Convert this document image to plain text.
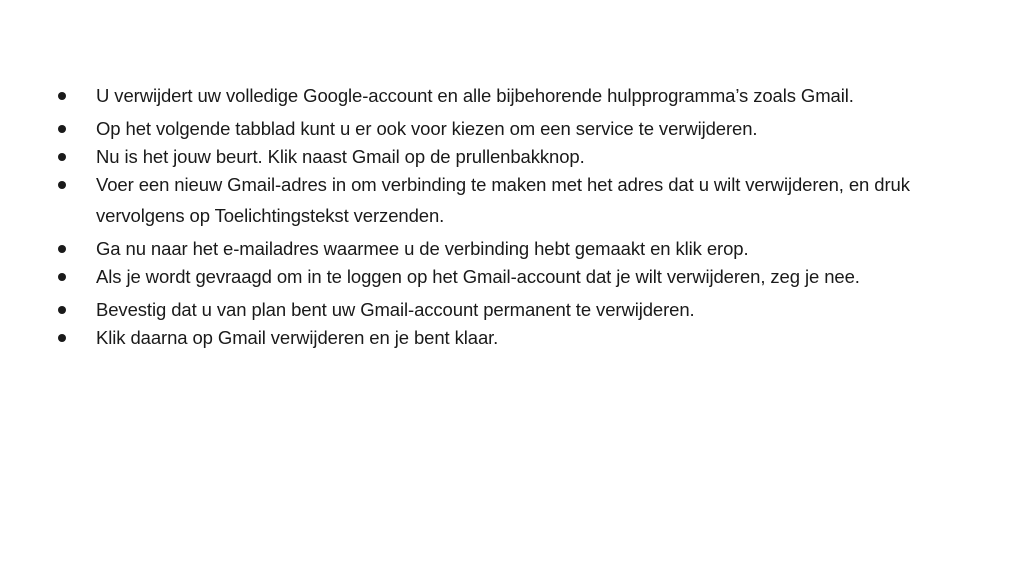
U verwijdert uw volledige Google-account en alle bijbehorende hulpprogramma’s zoals Gmail.
Op het volgende tabblad kunt u er ook voor kiezen om een service te verwijderen.
Nu is het jouw beurt. Klik naast Gmail op de prullenbakknop.
Voer een nieuw Gmail-adres in om verbinding te maken met het adres dat u wilt verwijderen, en druk vervolgens op Toelichtingstekst verzenden.
Ga nu naar het e-mailadres waarmee u de verbinding hebt gemaakt en klik erop.
Als je wordt gevraagd om in te loggen op het Gmail-account dat je wilt verwijderen, zeg je nee.
Bevestig dat u van plan bent uw Gmail-account permanent te verwijderen.
Klik daarna op Gmail verwijderen en je bent klaar.
